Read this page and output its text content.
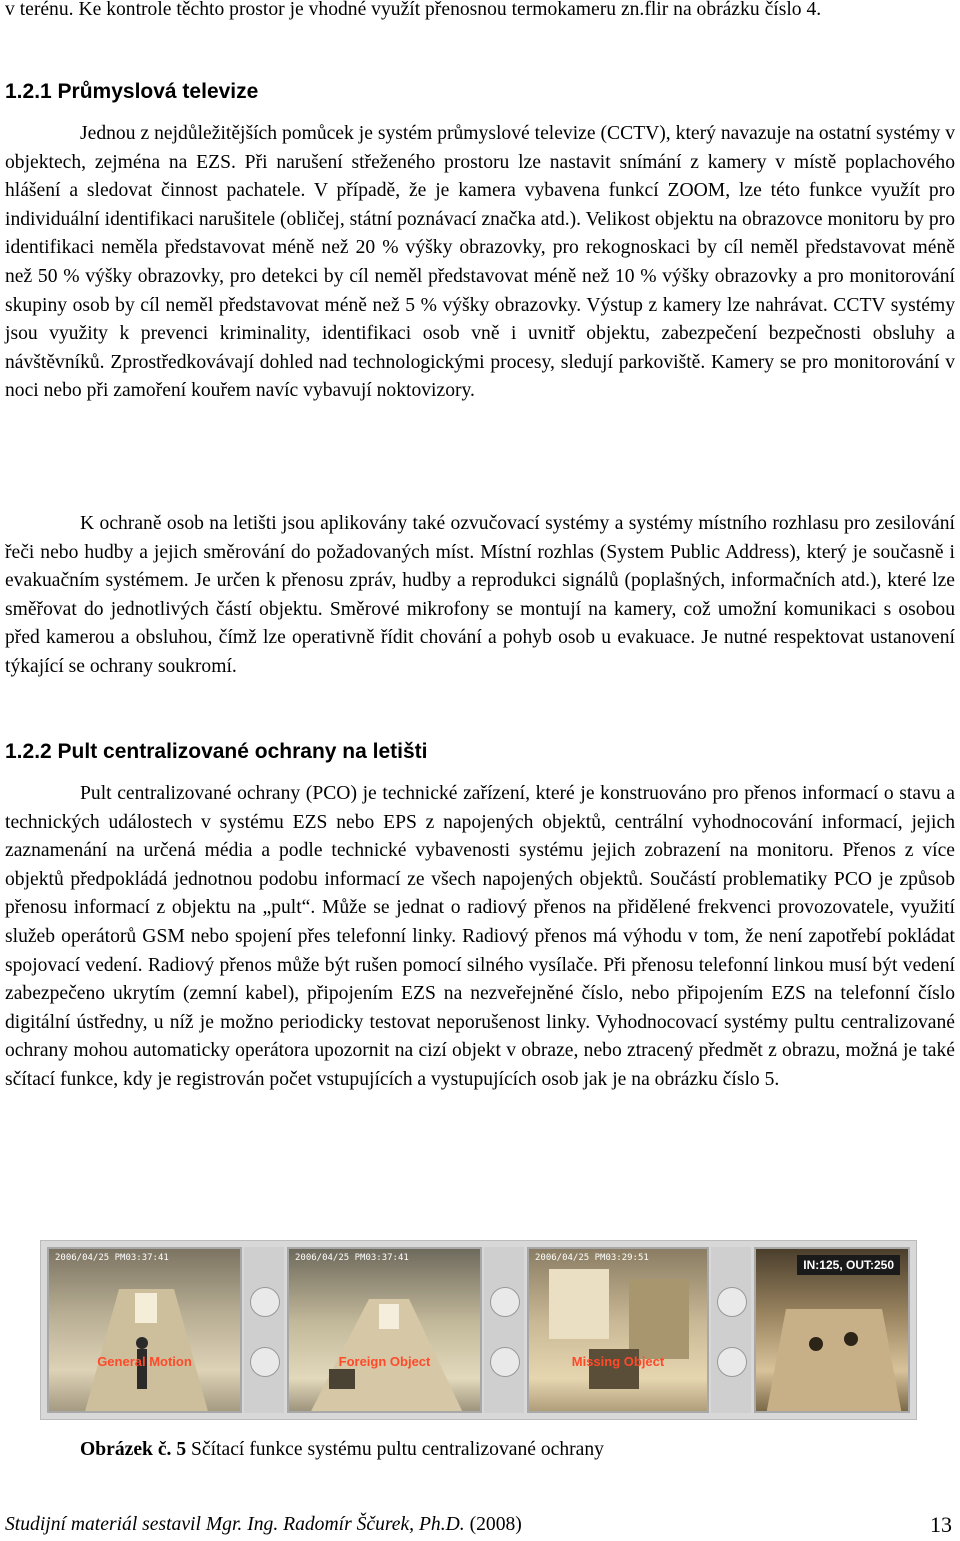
v terénu. Ke kontrole těchto prostor je vhodné využít přenosnou termokameru zn.flir na obrázku číslo 4.

1.2.1 Průmyslová televize

Jednou z nejdůležitějších pomůcek je systém průmyslové televize (CCTV), který navazuje na ostatní systémy v objektech, zejména na EZS. Při narušení střeženého prostoru lze nastavit snímání z kamery v místě poplachového hlášení a sledovat činnost pachatele. V případě, že je kamera vybavena funkcí ZOOM, lze této funkce využít pro individuální identifikaci narušitele (obličej, státní poznávací značka atd.). Velikost objektu na obrazovce monitoru by pro identifikaci neměla představovat méně než 20 % výšky obrazovky, pro rekognoskaci by cíl neměl představovat méně než 50 % výšky obrazovky, pro detekci by cíl neměl představovat méně než 10 % výšky obrazovky a pro monitorování skupiny osob by cíl neměl představovat méně než 5 % výšky obrazovky. Výstup z kamery lze nahrávat. CCTV systémy jsou využity k prevenci kriminality, identifikaci osob vně i uvnitř objektu, zabezpečení bezpečnosti obsluhy a návštěvníků. Zprostředkovávají dohled nad technologickými procesy, sledují parkoviště. Kamery se pro monitorování v noci nebo při zamoření kouřem navíc vybavují noktovizory.

K ochraně osob na letišti jsou aplikovány také ozvučovací systémy a systémy místního rozhlasu pro zesilování řeči nebo hudby a jejich směrování do požadovaných míst. Místní rozhlas (System Public Address), který je současně i evakuačním systémem. Je určen k přenosu zpráv, hudby a reprodukci signálů (poplašných, informačních atd.), které lze směřovat do jednotlivých částí objektu. Směrové mikrofony se montují na kamery, což umožní komunikaci s osobou před kamerou a obsluhou, čímž lze operativně řídit chování a pohyb osob u evakuace. Je nutné respektovat ustanovení týkající se ochrany soukromí.

1.2.2 Pult centralizované ochrany na letišti

Pult centralizované ochrany (PCO) je technické zařízení, které je konstruováno pro přenos informací o stavu a technických událostech v systému EZS nebo EPS z napojených objektů, centrální vyhodnocování informací, jejich zaznamenání na určená média a podle technické vybavenosti systému jejich zobrazení na monitoru. Přenos z více objektů předpokládá jednotnou podobu informací ze všech napojených objektů. Součástí problematiky PCO je způsob přenosu informací z objektu na „pult“. Může se jednat o radiový přenos na přidělené frekvenci provozovatele, využití služeb operátorů GSM nebo spojení přes telefonní linky. Radiový přenos má výhodu v tom, že není zapotřebí pokládat spojovací vedení. Radiový přenos může být rušen pomocí silného vysílače. Při přenosu telefonní linkou musí být vedení zabezpečeno ukrytím (zemní kabel), připojením EZS na nezveřejněné číslo, nebo připojením EZS na telefonní číslo digitální ústředny, u níž je možno periodicky testovat neporušenost linky. Vyhodnocovací systémy pultu centralizované ochrany mohou automaticky operátora upozornit na cizí objekt v obraze, nebo ztracený předmět z obrazu, možná je také sčítací funkce, kdy je registrován počet vstupujících a vystupujících osob jak je na obrázku číslo 5.

2006/04/25 PM03:37:41
General Motion
2006/04/25 PM03:37:41
Foreign Object
2006/04/25 PM03:29:51
Missing Object
IN:125, OUT:250
Obrázek č. 5 Sčítací funkce systému pultu centralizované ochrany
Studijní materiál sestavil Mgr. Ing. Radomír Ščurek, Ph.D. (2008)	13
